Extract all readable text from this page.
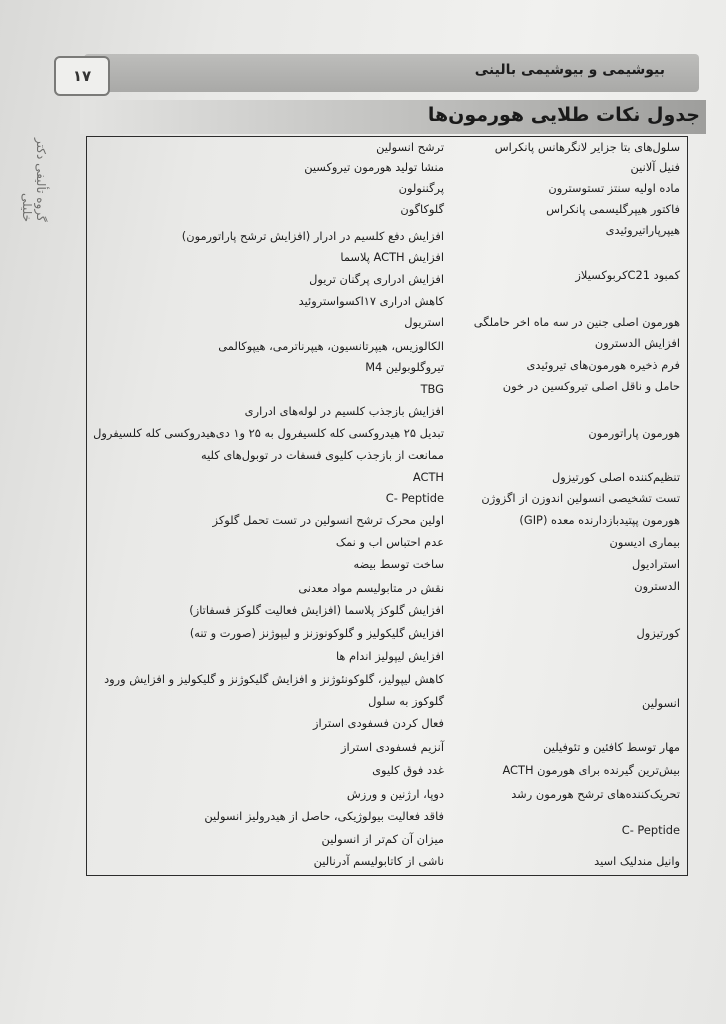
بیوشیمی و بیوشیمی بالینی
۱۷
گروه تألیفی دکتر خلیلی
جدول نکات طلایی هورمون‌ها
سلول‌های بتا جزایر لانگرهانس پانکراس
ترشح انسولین
فنیل آلانین
منشا تولید هورمون تیروکسین
ماده اولیه سنتز تستوسترون
پرگننولون
فاکتور هیپرگلیسمی پانکراس
گلوکاگون
هیپرپاراتیروئیدی
افزایش دفع کلسیم در ادرار (افزایش ترشح پاراتورمون)
افزایش ACTH پلاسما
کمبود C21کربوکسیلاز
افزایش ادراری پرگنان تریول
کاهش ادراری ۱۷اکسواستروئید
هورمون اصلی جنین در سه ماه اخر حاملگی
استریول
افزایش الدسترون
الکالوزیس، هیپرتانسیون، هیپرناترمی، هیپوکالمی
فرم ذخیره هورمون‌های تیروئیدی
تیروگلوبولین M4
حامل و ناقل اصلی تیروکسین در خون
TBG
افزایش بازجذب کلسیم در لوله‌های ادراری
هورمون پاراتورمون
تبدیل ۲۵ هیدروکسی کله کلسیفرول به ۲۵ و۱ دی‌هیدروکسی کله کلسیفرول
ممانعت از بازجذب کلیوی فسفات در توبول‌های کلیه
تنظیم‌کننده اصلی کورتیزول
ACTH
تست تشخیصی انسولین اندوزن از اگزوژن
C- Peptide
هورمون پپتیدبازدارنده معده (GIP)
اولین محرک ترشح انسولین در تست تحمل گلوکز
بیماری ادیسون
عدم احتباس اب و نمک
استرادیول
ساخت توسط بیضه
الدسترون
نقش در متابولیسم مواد معدنی
افزایش گلوکز پلاسما (افزایش فعالیت گلوکز فسفاتاز)
کورتیزول
افزایش گلیکولیز و گلوکونوزنز و لیپوژنز (صورت و تنه)
افزایش لیپولیز اندام ها
کاهش لیپولیز، گلوکونئوژنز و افزایش گلیکوژنز و گلیکولیز و افزایش ورود
گلوکوز به سلول	انسولین
فعال کردن فسفودی استراز
مهار توسط کافئین و تئوفیلین
آنزیم فسفودی استراز
بیش‌ترین گیرنده برای هورمون ACTH
غدد فوق کلیوی
تحریک‌کننده‌های ترشح هورمون رشد
دوپا، ارژنین و ورزش
فاقد فعالیت بیولوژیکی، حاصل از هیدرولیز انسولین
C- Peptide
میزان آن کم‌تر از انسولین
وانیل مندلیک اسید
ناشی از کاتابولیسم آدرنالین
